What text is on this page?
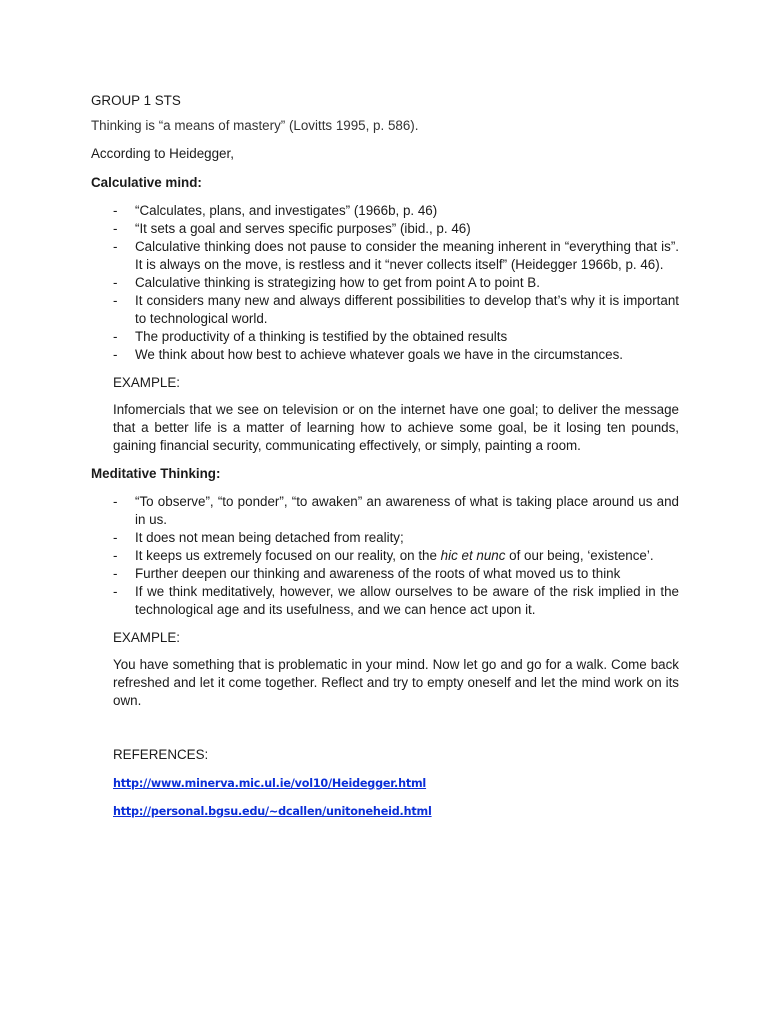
GROUP 1 STS

Thinking is “a means of mastery” (Lovitts 1995, p. 586).

According to Heidegger,

Calculative mind:

- “Calculates, plans, and investigates” (1966b, p. 46)
- “It sets a goal and serves specific purposes” (ibid., p. 46)
- Calculative thinking does not pause to consider the meaning inherent in “everything that is”. It is always on the move, is restless and it “never collects itself” (Heidegger 1966b, p. 46).
- Calculative thinking is strategizing how to get from point A to point B.
- It considers many new and always different possibilities to develop that’s why it is important to technological world.
- The productivity of a thinking is testified by the obtained results
- We think about how best to achieve whatever goals we have in the circumstances.

EXAMPLE:

Infomercials that we see on television or on the internet have one goal; to deliver the message that a better life is a matter of learning how to achieve some goal, be it losing ten pounds, gaining financial security, communicating effectively, or simply, painting a room.

Meditative Thinking:

- “To observe”, “to ponder”, “to awaken” an awareness of what is taking place around us and in us.
- It does not mean being detached from reality;
- It keeps us extremely focused on our reality, on the hic et nunc of our being, ‘existence’.
- Further deepen our thinking and awareness of the roots of what moved us to think
- If we think meditatively, however, we allow ourselves to be aware of the risk implied in the technological age and its usefulness, and we can hence act upon it.

EXAMPLE:

You have something that is problematic in your mind. Now let go and go for a walk. Come back refreshed and let it come together. Reflect and try to empty oneself and let the mind work on its own.

REFERENCES:

http://www.minerva.mic.ul.ie/vol10/Heidegger.html
http://personal.bgsu.edu/~dcallen/unitoneheid.html
